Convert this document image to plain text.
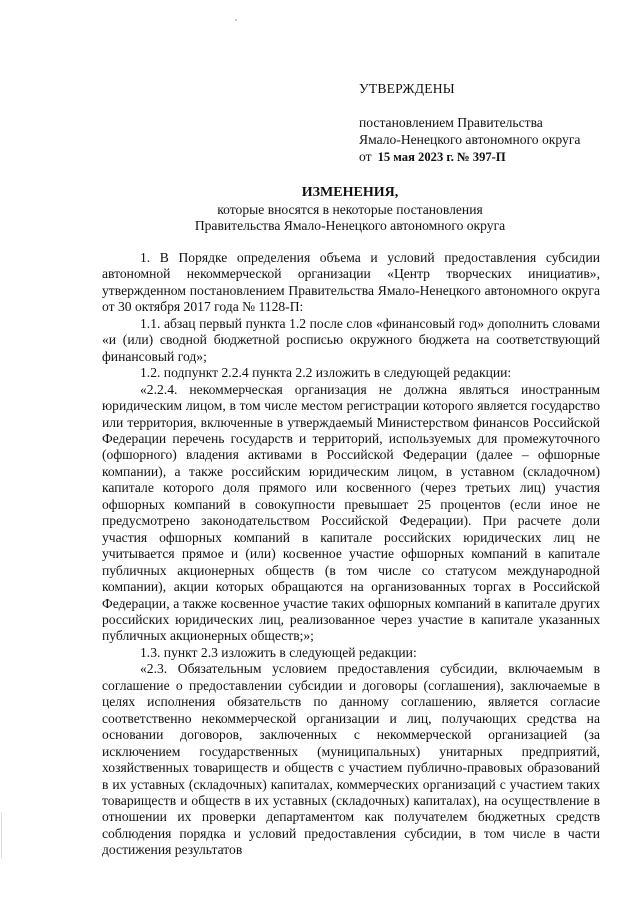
УТВЕРЖДЕНЫ

постановлением Правительства

Ямало-Ненецкого автономного округа

от 15 мая 2023 г. № 397-П

ИЗМЕНЕНИЯ,

которые вносятся в некоторые постановления

Правительства Ямало-Ненецкого автономного округа

1. В Порядке определения объема и условий предоставления субсидии автономной некоммерческой организации «Центр творческих инициатив», утвержденном постановлением Правительства Ямало-Ненецкого автономного округа от 30 октября 2017 года № 1128-П:

1.1. абзац первый пункта 1.2 после слов «финансовый год» дополнить словами «и (или) сводной бюджетной росписью окружного бюджета на соответствующий финансовый год»;

1.2. подпункт 2.2.4 пункта 2.2 изложить в следующей редакции:

«2.2.4. некоммерческая организация не должна являться иностранным юридическим лицом, в том числе местом регистрации которого является государство или территория, включенные в утверждаемый Министерством финансов Российской Федерации перечень государств и территорий, используемых для промежуточного (офшорного) владения активами в Российской Федерации (далее – офшорные компании), а также российским юридическим лицом, в уставном (складочном) капитале которого доля прямого или косвенного (через третьих лиц) участия офшорных компаний в совокупности превышает 25 процентов (если иное не предусмотрено законодательством Российской Федерации). При расчете доли участия офшорных компаний в капитале российских юридических лиц не учитывается прямое и (или) косвенное участие офшорных компаний в капитале публичных акционерных обществ (в том числе со статусом международной компании), акции которых обращаются на организованных торгах в Российской Федерации, а также косвенное участие таких офшорных компаний в капитале других российских юридических лиц, реализованное через участие в капитале указанных публичных акционерных обществ;»;

1.3. пункт 2.3 изложить в следующей редакции:

«2.3. Обязательным условием предоставления субсидии, включаемым в соглашение о предоставлении субсидии и договоры (соглашения), заключаемые в целях исполнения обязательств по данному соглашению, является согласие соответственно некоммерческой организации и лиц, получающих средства на основании договоров, заключенных с некоммерческой организацией (за исключением государственных (муниципальных) унитарных предприятий, хозяйственных товариществ и обществ с участием публично-правовых образований в их уставных (складочных) капиталах, коммерческих организаций с участием таких товариществ и обществ в их уставных (складочных) капиталах), на осуществление в отношении их проверки департаментом как получателем бюджетных средств соблюдения порядка и условий предоставления субсидии, в том числе в части достижения результатов
